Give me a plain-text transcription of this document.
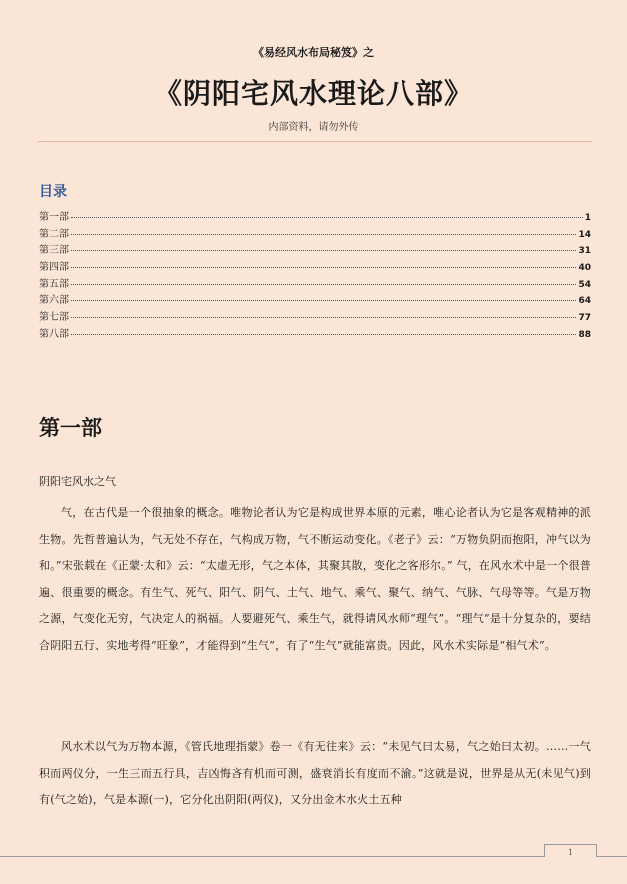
《易经风水布局秘笈》之
《阴阳宅风水理论八部》
内部资料，请勿外传
目录
第一部	1
第二部	14
第三部	31
第四部	40
第五部	54
第六部	64
第七部	77
第八部	88
第一部
阴阳宅风水之气

气，在古代是一个很抽象的概念。唯物论者认为它是构成世界本原的元素，唯心论者认为它是客观精神的派生物。先哲普遍认为，气无处不存在，气构成万物，气不断运动变化。《老子》云：“万物负阴而抱阳，冲气以为和。”宋张载在《正蒙·太和》云：“太虚无形，气之本体，其聚其散，变化之客形尔。” 气，在风水术中是一个很普遍、很重要的概念。有生气、死气、阳气、阴气、土气、地气、乘气、聚气、纳气、气脉、气母等等。气是万物之源，气变化无穷，气决定人的祸福。人要避死气、乘生气，就得请风水师“理气”。“理气”是十分复杂的，要结合阴阳五行、实地考得“旺象”，才能得到“生气”，有了“生气”就能富贵。因此，风水术实际是“相气术”。

风水术以气为万物本源，《管氏地理指蒙》卷一《有无往来》云：“未见气曰太易，气之始曰太初。……一气积而两仪分，一生三而五行具，吉凶悔吝有机而可测，盛衰消长有度而不渝。”这就是说，世界是从无(未见气)到有(气之始)，气是本源(一)，它分化出阴阳(两仪)，又分出金木水火土五种

1
